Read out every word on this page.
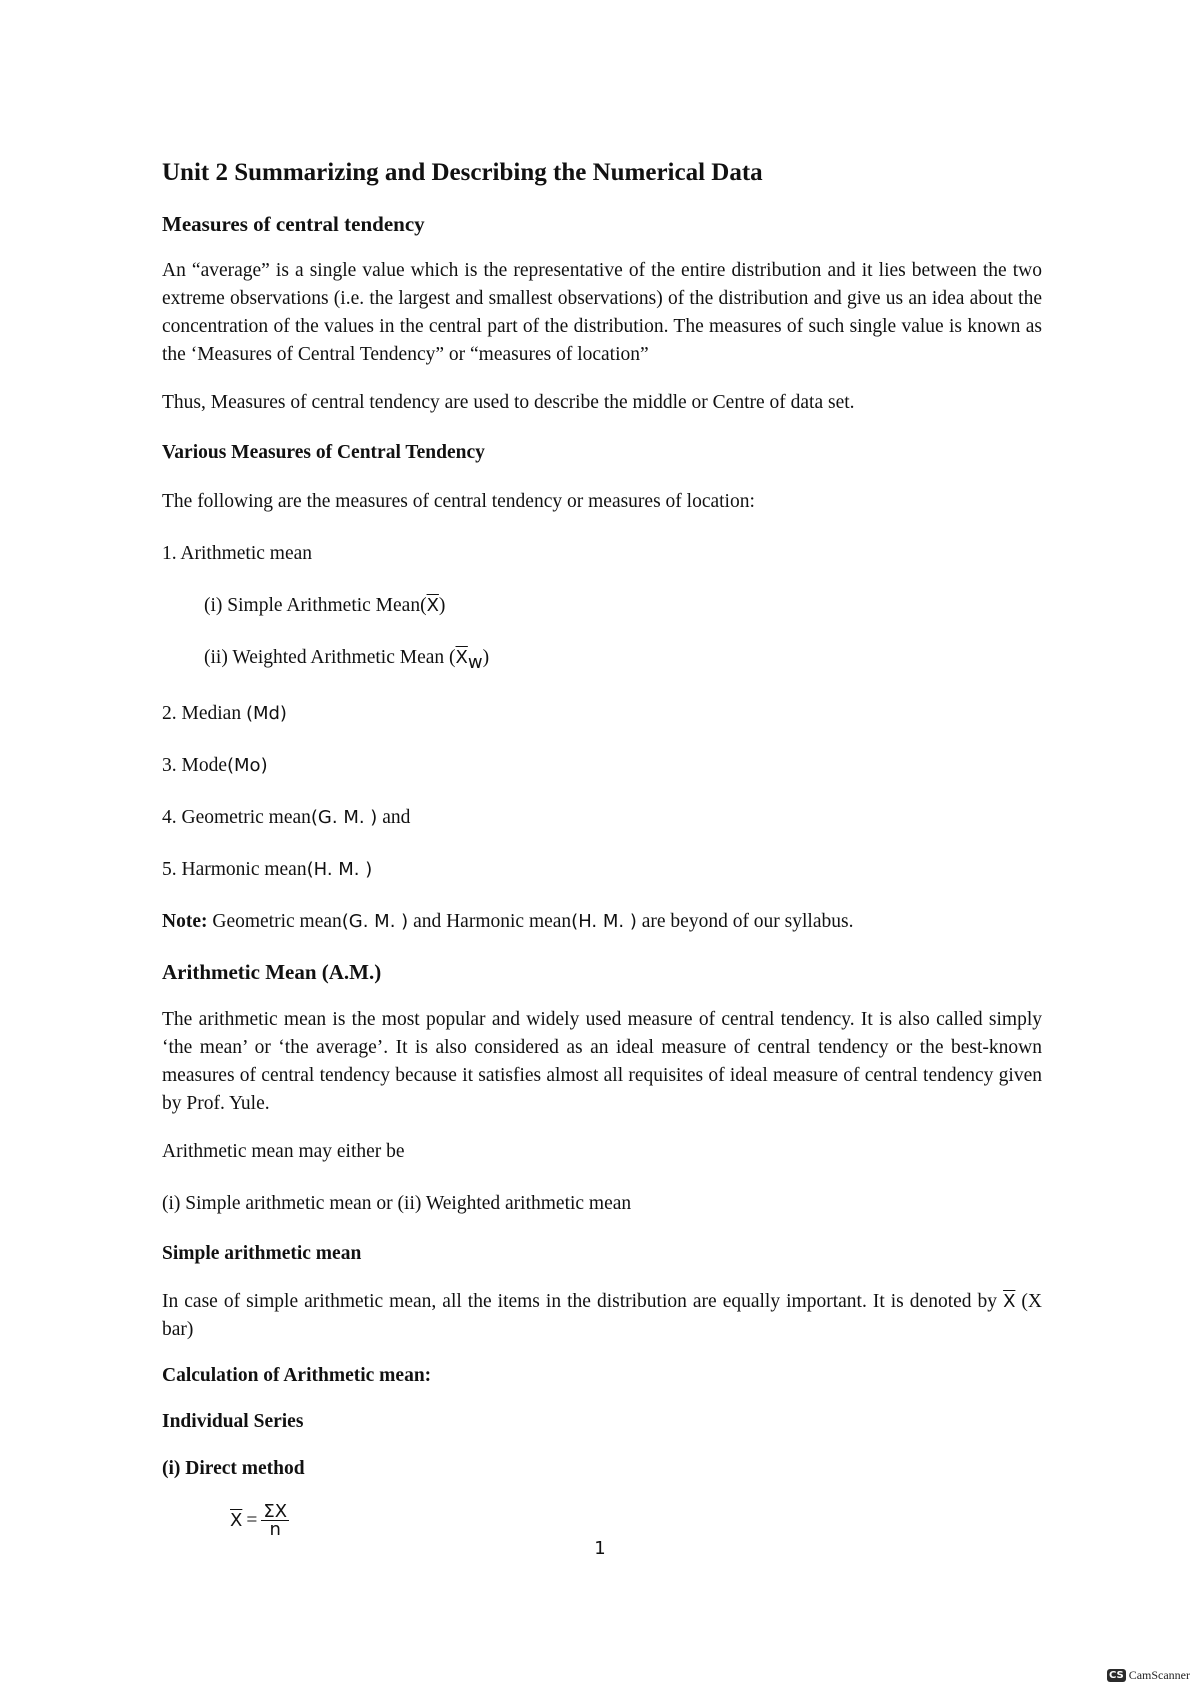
Unit 2 Summarizing and Describing the Numerical Data
Measures of central tendency

An “average” is a single value which is the representative of the entire distribution and it lies between the two extreme observations (i.e. the largest and smallest observations) of the distribution and give us an idea about the concentration of the values in the central part of the distribution. The measures of such single value is known as the ‘Measures of Central Tendency” or “measures of location”

Thus, Measures of central tendency are used to describe the middle or Centre of data set.

Various Measures of Central Tendency

The following are the measures of central tendency or measures of location:

1. Arithmetic mean

(i) Simple Arithmetic $Mean(\overline{X})$

(ii) Weighted Arithmetic Mean $(\overline{X}_w)$

2. Median (Md)

3. Mode(Mo)

4. Geometric mean(G. M. ) and

5. Harmonic mean(H. M. )

Note: Geometric mean(G. M. ) and Harmonic mean(H. M. ) are beyond of our syllabus.

Arithmetic Mean (A.M.)

The arithmetic mean is the most popular and widely used measure of central tendency. It is also called simply ‘the mean’ or ‘the average’. It is also considered as an ideal measure of central tendency or the best-known measures of central tendency because it satisfies almost all requisites of ideal measure of central tendency given by Prof. Yule.

Arithmetic mean may either be

(i) Simple arithmetic mean or (ii) Weighted arithmetic mean

Simple arithmetic mean

In case of simple arithmetic mean, all the items in the distribution are equally important. It is denoted by $\overline{X}$ (X bar)

Calculation of Arithmetic mean:
Individual Series
(i) Direct method
$\overline{X} = \frac{\Sigma X}{n}$
1
CS CamScanner
